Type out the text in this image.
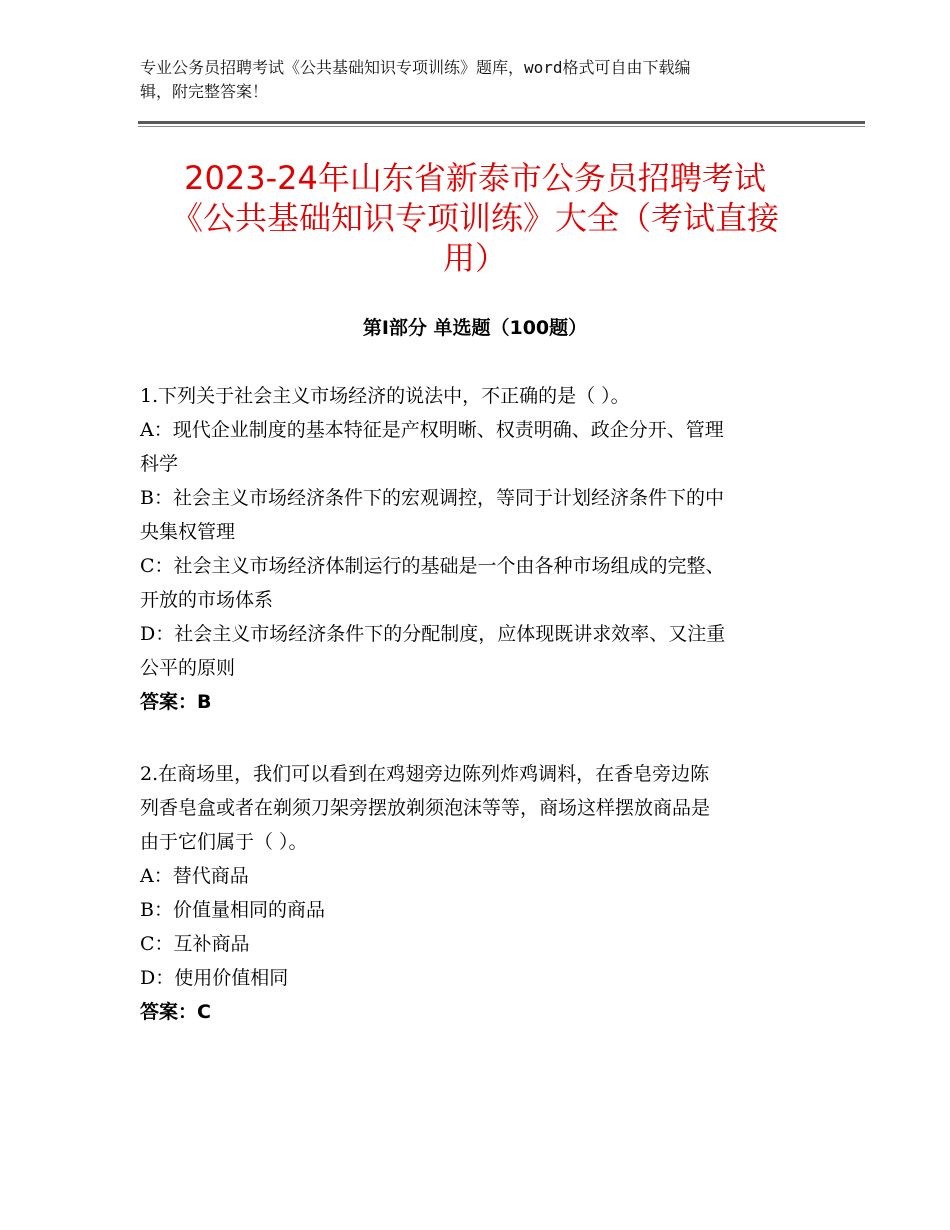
专业公务员招聘考试《公共基础知识专项训练》题库，word格式可自由下载编
辑，附完整答案！
2023-24年山东省新泰市公务员招聘考试
《公共基础知识专项训练》大全（考试直接
用）
第Ⅰ部分 单选题（100题）
1.下列关于社会主义市场经济的说法中，不正确的是（ ）。
A：现代企业制度的基本特征是产权明晰、权责明确、政企分开、管理
科学
B：社会主义市场经济条件下的宏观调控，等同于计划经济条件下的中
央集权管理
C：社会主义市场经济体制运行的基础是一个由各种市场组成的完整、
开放的市场体系
D：社会主义市场经济条件下的分配制度，应体现既讲求效率、又注重
公平的原则
答案：B
2.在商场里，我们可以看到在鸡翅旁边陈列炸鸡调料，在香皂旁边陈
列香皂盒或者在剃须刀架旁摆放剃须泡沫等等，商场这样摆放商品是
由于它们属于（ ）。
A：替代商品
B：价值量相同的商品
C：互补商品
D：使用价值相同
答案：C
